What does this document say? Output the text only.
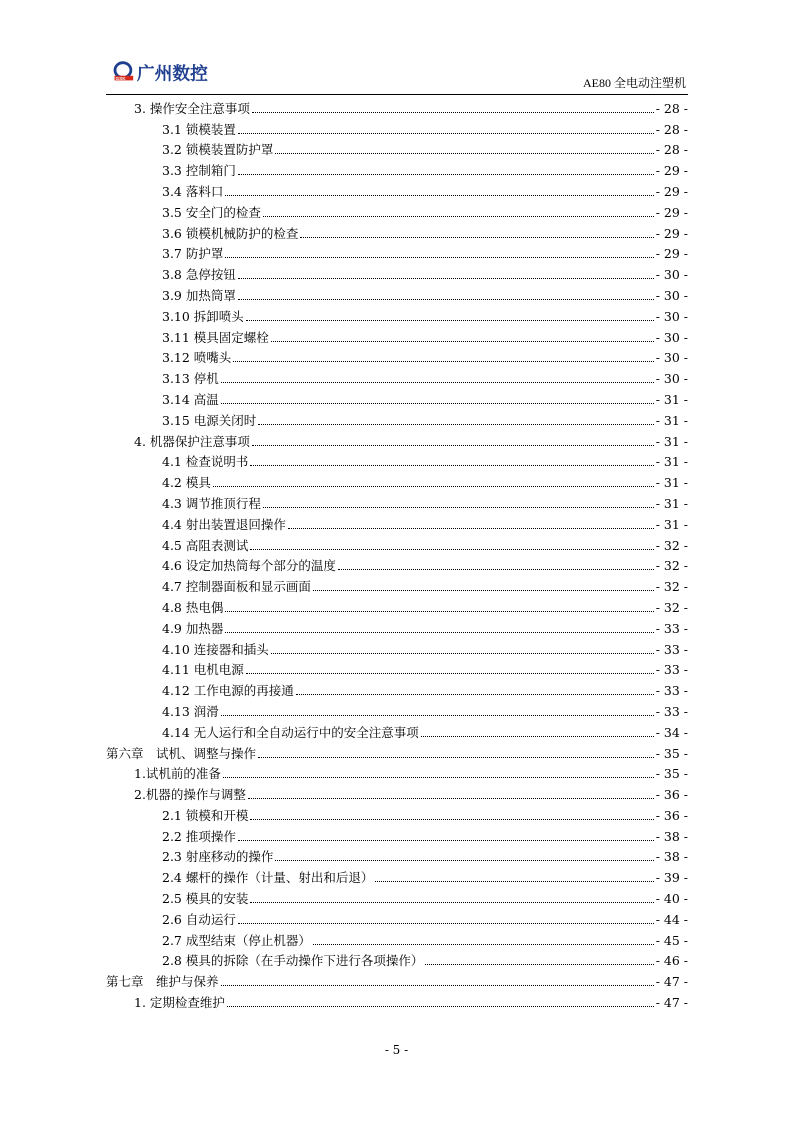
GSK 广州数控	AE80 全电动注塑机
3. 操作安全注意事项	- 28 -
3.1 锁模装置	- 28 -
3.2 锁模装置防护罩	- 28 -
3.3 控制箱门	- 29 -
3.4 落料口	- 29 -
3.5 安全门的检查	- 29 -
3.6 锁模机械防护的检查	- 29 -
3.7 防护罩	- 29 -
3.8 急停按钮	- 30 -
3.9 加热筒罩	- 30 -
3.10 拆卸喷头	- 30 -
3.11 模具固定螺栓	- 30 -
3.12 喷嘴头	- 30 -
3.13 停机	- 30 -
3.14 高温	- 31 -
3.15 电源关闭时	- 31 -
4. 机器保护注意事项	- 31 -
4.1 检查说明书	- 31 -
4.2 模具	- 31 -
4.3 调节推顶行程	- 31 -
4.4 射出装置退回操作	- 31 -
4.5 高阻表测试	- 32 -
4.6 设定加热筒每个部分的温度	- 32 -
4.7 控制器面板和显示画面	- 32 -
4.8 热电偶	- 32 -
4.9 加热器	- 33 -
4.10 连接器和插头	- 33 -
4.11 电机电源	- 33 -
4.12 工作电源的再接通	- 33 -
4.13 润滑	- 33 -
4.14 无人运行和全自动运行中的安全注意事项	- 34 -
第六章　试机、调整与操作	- 35 -
1.试机前的准备	- 35 -
2.机器的操作与调整	- 36 -
2.1 锁模和开模	- 36 -
2.2 推项操作	- 38 -
2.3 射座移动的操作	- 38 -
2.4 螺杆的操作（计量、射出和后退）	- 39 -
2.5 模具的安装	- 40 -
2.6 自动运行	- 44 -
2.7 成型结束（停止机器）	- 45 -
2.8 模具的拆除（在手动操作下进行各项操作）	- 46 -
第七章　维护与保养	- 47 -
1. 定期检查维护	- 47 -
- 5 -
